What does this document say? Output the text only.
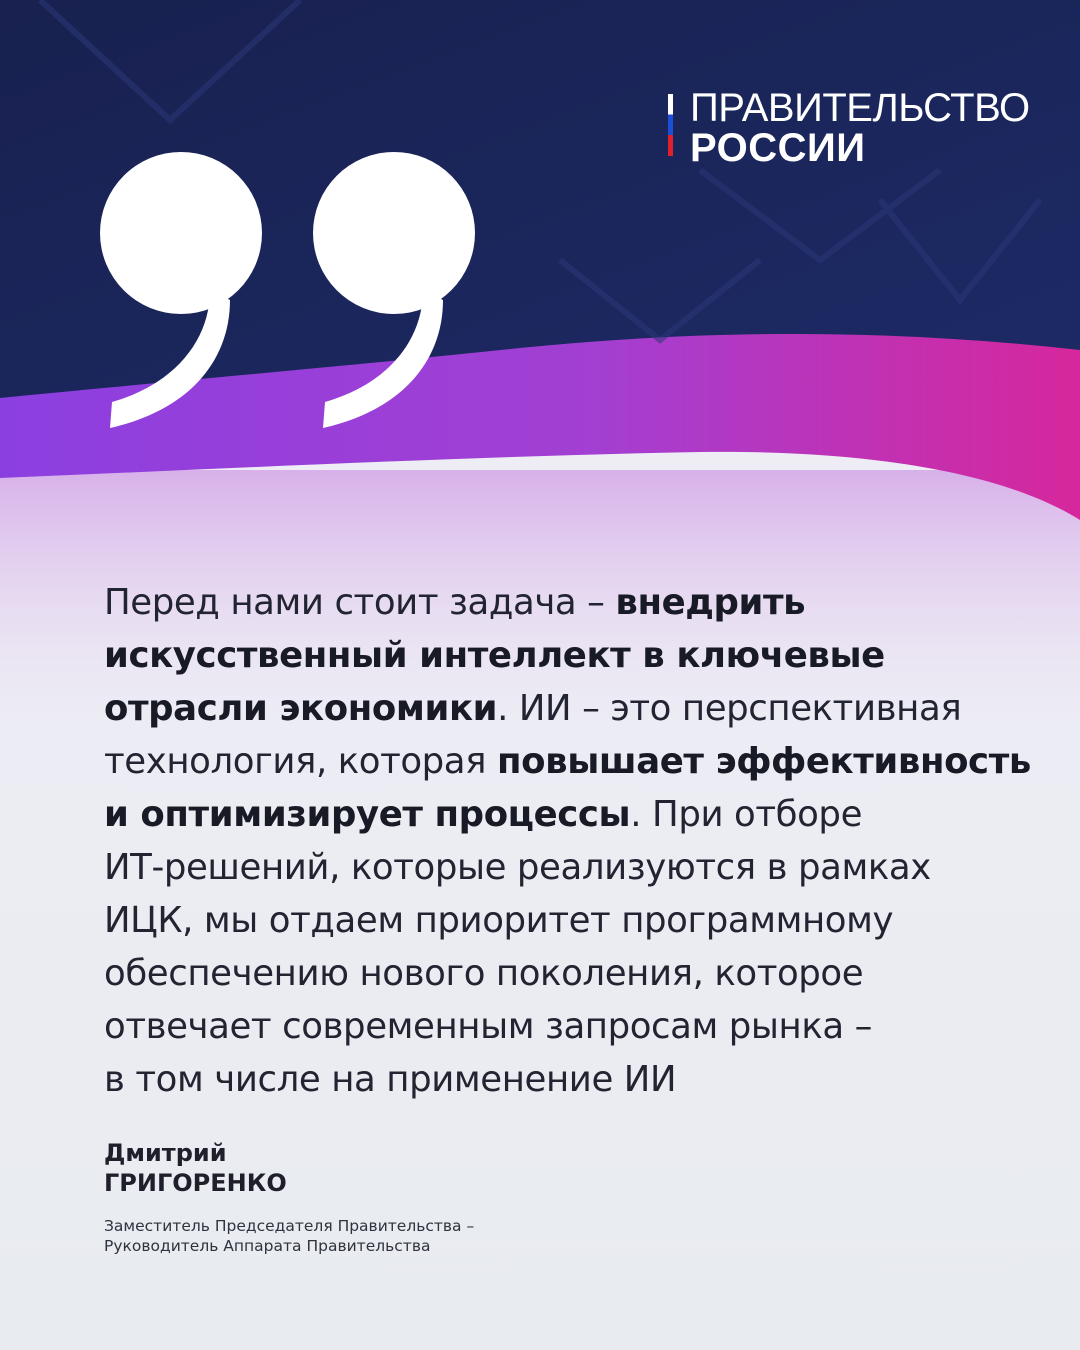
ПРАВИТЕЛЬСТВО
РОССИИ
Перед нами стоит задача – внедрить
искусственный интеллект в ключевые
отрасли экономики. ИИ – это перспективная
технология, которая повышает эффективность
и оптимизирует процессы. При отборе
ИТ-решений, которые реализуются в рамках
ИЦК, мы отдаем приоритет программному
обеспечению нового поколения, которое
отвечает современным запросам рынка –
в том числе на применение ИИ
Дмитрий
ГРИГОРЕНКО
Заместитель Председателя Правительства –
Руководитель Аппарата Правительства
